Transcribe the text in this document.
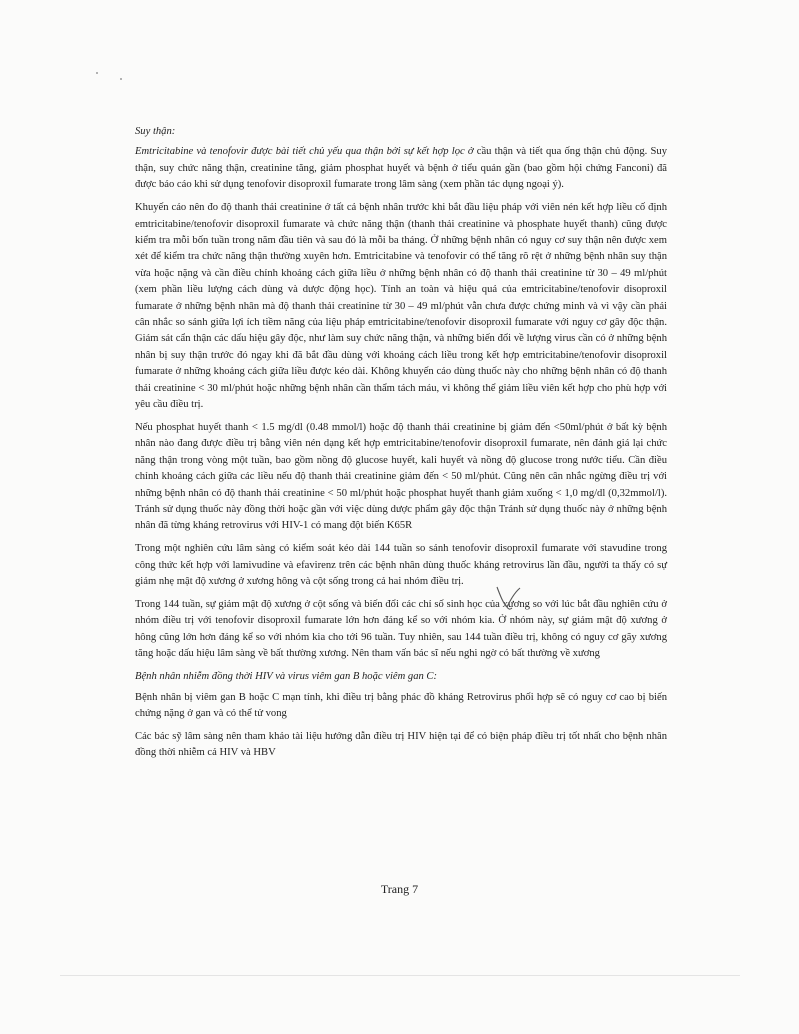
Suy thận:

Emtricitabine và tenofovir được bài tiết chủ yếu qua thận bởi sự kết hợp lọc ở cầu thận và tiết qua ống thận chủ động. Suy thận, suy chức năng thận, creatinine tăng, giảm phosphat huyết và bệnh ở tiểu quản gần (bao gồm hội chứng Fanconi) đã được báo cáo khi sử dụng tenofovir disoproxil fumarate trong lâm sàng (xem phần tác dụng ngoại ý).

Khuyến cáo nên đo độ thanh thải creatinine ở tất cả bệnh nhân trước khi bắt đầu liệu pháp với viên nén kết hợp liều cố định emtricitabine/tenofovir disoproxil fumarate và chức năng thận (thanh thải creatinine và phosphate huyết thanh) cũng được kiểm tra mỗi bốn tuần trong năm đầu tiên và sau đó là mỗi ba tháng. Ở những bệnh nhân có nguy cơ suy thận nên được xem xét để kiểm tra chức năng thận thường xuyên hơn. Emtricitabine và tenofovir có thể tăng rõ rệt ở những bệnh nhân suy thận vừa hoặc nặng và cần điều chỉnh khoảng cách giữa liều ở những bệnh nhân có độ thanh thải creatinine từ 30 – 49 ml/phút (xem phần liều lượng cách dùng và dược động học). Tính an toàn và hiệu quả của emtricitabine/tenofovir disoproxil fumarate ở những bệnh nhân mà độ thanh thải creatinine từ 30 – 49 ml/phút vẫn chưa được chứng minh và vì vậy cần phải cân nhắc so sánh giữa lợi ích tiềm năng của liệu pháp emtricitabine/tenofovir disoproxil fumarate với nguy cơ gây độc thận. Giám sát cẩn thận các dấu hiệu gây độc, như làm suy chức năng thận, và những biến đổi về lượng virus cần có ở những bệnh nhân bị suy thận trước đó ngay khi đã bắt đầu dùng với khoảng cách liều trong kết hợp emtricitabine/tenofovir disoproxil fumarate ở những khoảng cách giữa liều được kéo dài. Không khuyến cáo dùng thuốc này cho những bệnh nhân có độ thanh thải creatinine < 30 ml/phút hoặc những bệnh nhân cần thẩm tách máu, vì không thể giảm liều viên kết hợp cho phù hợp với yêu cầu điều trị.

Nếu phosphat huyết thanh < 1.5 mg/dl (0.48 mmol/l) hoặc độ thanh thải creatinine bị giảm đến <50ml/phút ở bất kỳ bệnh nhân nào đang được điều trị bằng viên nén dạng kết hợp emtricitabine/tenofovir disoproxil fumarate, nên đánh giá lại chức năng thận trong vòng một tuần, bao gồm nồng độ glucose huyết, kali huyết và nồng độ glucose trong nước tiểu. Cần điều chỉnh khoảng cách giữa các liều nếu độ thanh thải creatinine giảm đến < 50 ml/phút. Cũng nên cân nhắc ngừng điều trị với những bệnh nhân có độ thanh thải creatinine < 50 ml/phút hoặc phosphat huyết thanh giảm xuống < 1,0 mg/dl (0,32mmol/l). Tránh sử dụng thuốc này đồng thời hoặc gần với việc dùng dược phẩm gây độc thận Tránh sử dụng thuốc này ở những bệnh nhân đã từng kháng retrovirus với HIV-1 có mang đột biến K65R

Trong một nghiên cứu lâm sàng có kiểm soát kéo dài 144 tuần so sánh tenofovir disoproxil fumarate với stavudine trong công thức kết hợp với lamivudine và efavirenz trên các bệnh nhân dùng thuốc kháng retrovirus lần đầu, người ta thấy có sự giảm nhẹ mật độ xương ở xương hông và cột sống trong cả hai nhóm điều trị.

Trong 144 tuần, sự giảm mật độ xương ở cột sống và biến đổi các chỉ số sinh học của xương so với lúc bắt đầu nghiên cứu ở nhóm điều trị với tenofovir disoproxil fumarate lớn hơn đáng kể so với nhóm kia. Ở nhóm này, sự giảm mật độ xương ở hông cũng lớn hơn đáng kể so với nhóm kia cho tới 96 tuần. Tuy nhiên, sau 144 tuần điều trị, không có nguy cơ gãy xương tăng hoặc dấu hiệu lâm sàng về bất thường xương. Nên tham vấn bác sĩ nếu nghi ngờ có bất thường về xương

Bệnh nhân nhiễm đồng thời HIV và virus viêm gan B hoặc viêm gan C:

Bệnh nhân bị viêm gan B hoặc C mạn tính, khi điều trị bằng phác đồ kháng Retrovirus phối hợp sẽ có nguy cơ cao bị biến chứng nặng ở gan và có thể tử vong

Các bác sỹ lâm sàng nên tham khảo tài liệu hướng dẫn điều trị HIV hiện tại để có biện pháp điều trị tốt nhất cho bệnh nhân đồng thời nhiễm cả HIV và HBV

Trang 7
